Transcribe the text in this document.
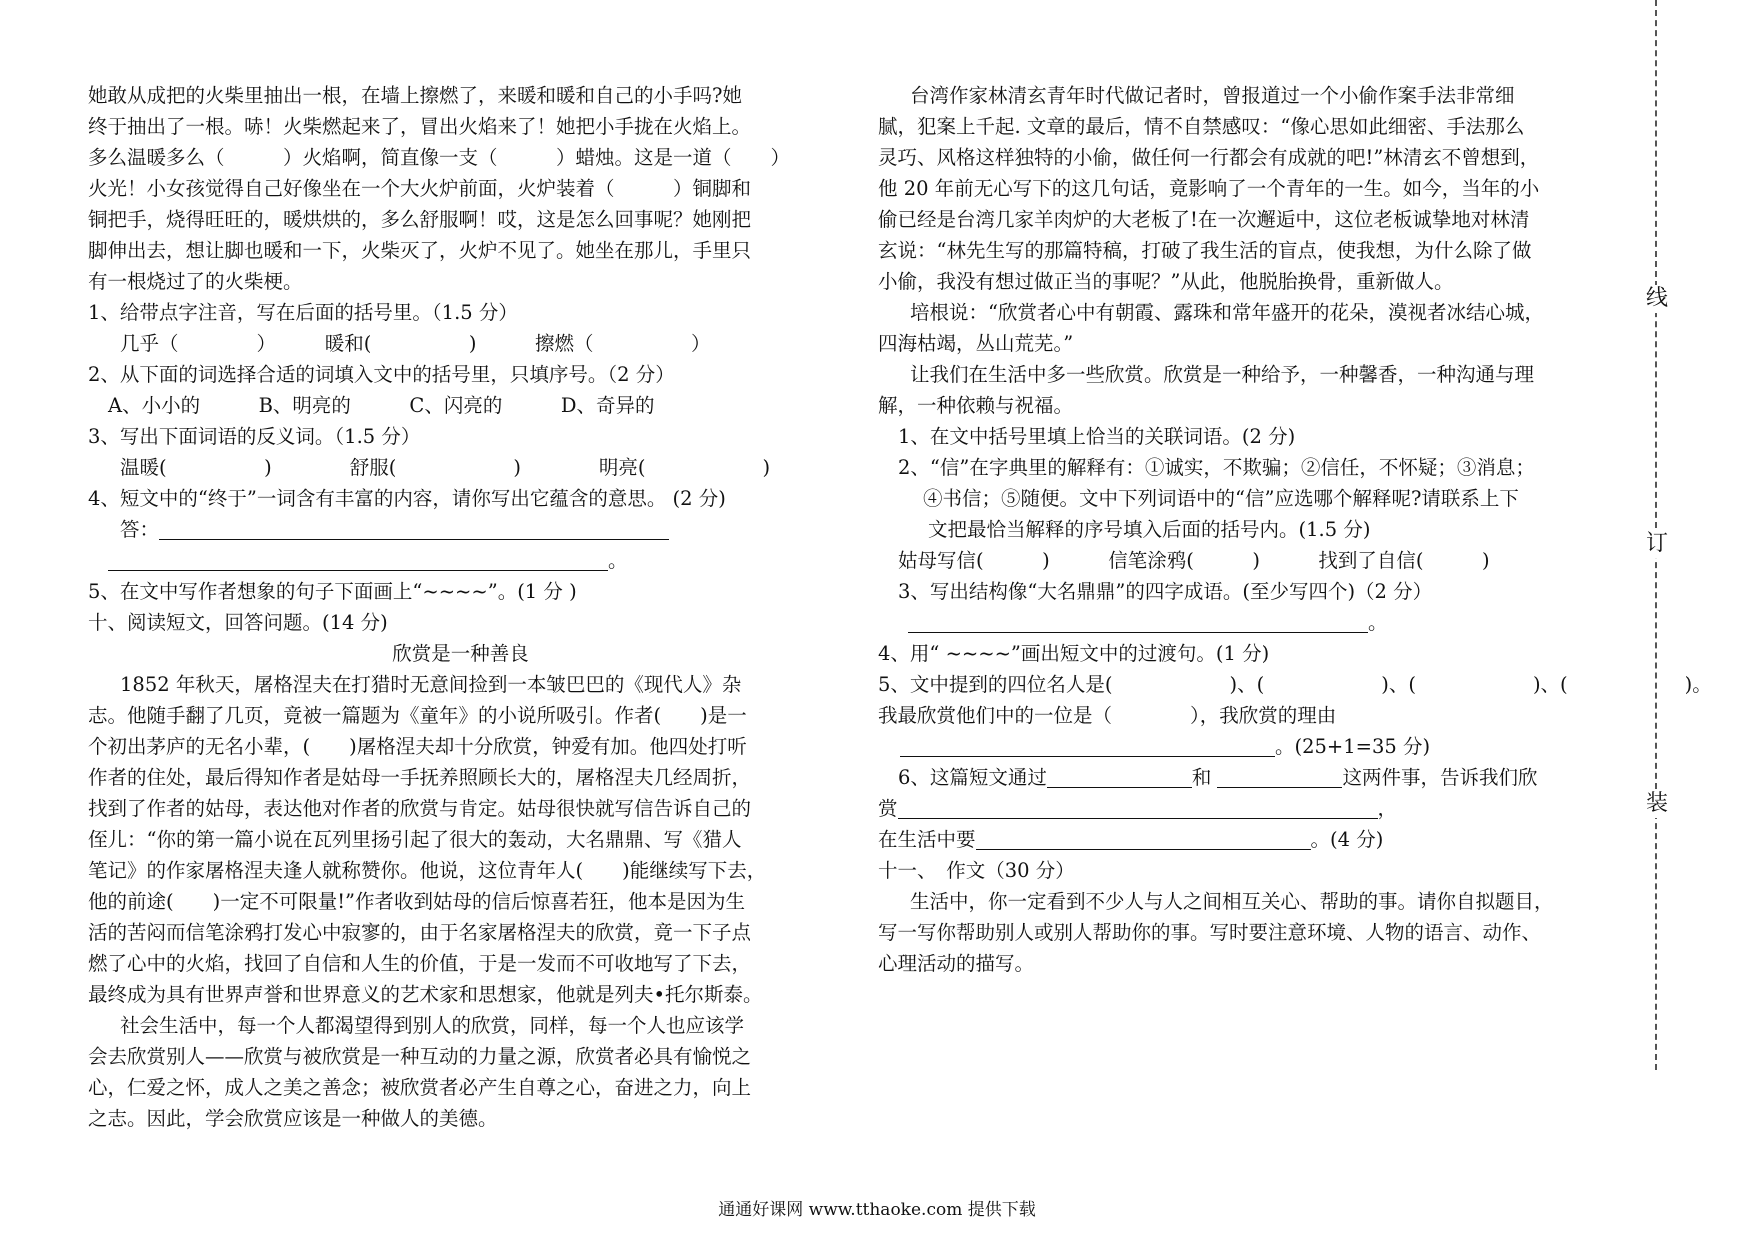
她敢从成把的火柴里抽出一根，在墙上擦燃了，来暖和暖和自己的小手吗?她
终于抽出了一根。哧！火柴燃起来了，冒出火焰来了！她把小手拢在火焰上。
多么温暖多么（　　　）火焰啊，简直像一支（　　　）蜡烛。这是一道（　　）
火光！小女孩觉得自己好像坐在一个大火炉前面，火炉装着（　　　）铜脚和
铜把手，烧得旺旺的，暖烘烘的，多么舒服啊！哎，这是怎么回事呢？她刚把
脚伸出去，想让脚也暖和一下，火柴灭了，火炉不见了。她坐在那儿，手里只
有一根烧过了的火柴梗。
1、给带点字注音，写在后面的括号里。（1.5 分）
几乎（　　　　）　　　暖和(　　　　　)　　　擦燃（　　　　　）
2、从下面的词选择合适的词填入文中的括号里，只填序号。（2 分）
A、小小的　　　B、明亮的　　　C、闪亮的　　　D、奇异的
3、写出下面词语的反义词。（1.5 分）
温暖(　　　　　)　　　　舒服(　　　　　　)　　　　明亮(　　　　　　)
4、短文中的“终于”一词含有丰富的内容，请你写出它蕴含的意思。 (2 分)
答：
。
5、在文中写作者想象的句子下面画上“~~~~”。(1 分 )
十、阅读短文，回答问题。(14 分)
欣赏是一种善良
1852 年秋天，屠格涅夫在打猎时无意间捡到一本皱巴巴的《现代人》杂
志。他随手翻了几页，竟被一篇题为《童年》的小说所吸引。作者(　　)是一
个初出茅庐的无名小辈，(　　)屠格涅夫却十分欣赏，钟爱有加。他四处打听
作者的住处，最后得知作者是姑母一手抚养照顾长大的，屠格涅夫几经周折，
找到了作者的姑母，表达他对作者的欣赏与肯定。姑母很快就写信告诉自己的
侄儿：“你的第一篇小说在瓦列里扬引起了很大的轰动，大名鼎鼎、写《猎人
笔记》的作家屠格涅夫逢人就称赞你。他说，这位青年人(　　)能继续写下去，
他的前途(　　)一定不可限量!”作者收到姑母的信后惊喜若狂，他本是因为生
活的苦闷而信笔涂鸦打发心中寂寥的，由于名家屠格涅夫的欣赏，竟一下子点
燃了心中的火焰，找回了自信和人生的价值，于是一发而不可收地写了下去，
最终成为具有世界声誉和世界意义的艺术家和思想家，他就是列夫•托尔斯泰。
社会生活中，每一个人都渴望得到别人的欣赏，同样，每一个人也应该学
会去欣赏别人——欣赏与被欣赏是一种互动的力量之源，欣赏者必具有愉悦之
心，仁爱之怀，成人之美之善念；被欣赏者必产生自尊之心，奋进之力，向上
之志。因此，学会欣赏应该是一种做人的美德。
台湾作家林清玄青年时代做记者时，曾报道过一个小偷作案手法非常细
腻，犯案上千起. 文章的最后，情不自禁感叹：“像心思如此细密、手法那么
灵巧、风格这样独特的小偷，做任何一行都会有成就的吧!”林清玄不曾想到，
他 20 年前无心写下的这几句话，竟影响了一个青年的一生。如今，当年的小
偷已经是台湾几家羊肉炉的大老板了!在一次邂逅中，这位老板诚挚地对林清
玄说：“林先生写的那篇特稿，打破了我生活的盲点，使我想，为什么除了做
小偷，我没有想过做正当的事呢？”从此，他脱胎换骨，重新做人。
培根说：“欣赏者心中有朝霞、露珠和常年盛开的花朵，漠视者冰结心城，
四海枯竭，丛山荒芜。”
让我们在生活中多一些欣赏。欣赏是一种给予，一种馨香，一种沟通与理
解，一种依赖与祝福。
1、在文中括号里填上恰当的关联词语。(2 分)
2、“信”在字典里的解释有：①诚实，不欺骗；②信任，不怀疑；③消息；
④书信；⑤随便。文中下列词语中的“信”应选哪个解释呢?请联系上下
文把最恰当解释的序号填入后面的括号内。(1.5 分)
姑母写信(　　　)　　　信笔涂鸦(　　　)　　　找到了自信(　　　)
3、写出结构像“大名鼎鼎”的四字成语。(至少写四个)（2 分）
。
4、用“ ~~~~”画出短文中的过渡句。(1 分)
5、文中提到的四位名人是(　　　　　　)、(　　　　　　)、(　　　　　　)、(　　　　　　)。
我最欣赏他们中的一位是（　　　　），我欣赏的理由
。(25+1=35 分)
6、这篇短文通过	和	这两件事，告诉我们欣
赏	，
在生活中要	。(4 分)
十一、　作文（30 分）
生活中，你一定看到不少人与人之间相互关心、帮助的事。请你自拟题目，
写一写你帮助别人或别人帮助你的事。写时要注意环境、人物的语言、动作、
心理活动的描写。
线
订
装
通通好课网 www.tthaoke.com 提供下载
